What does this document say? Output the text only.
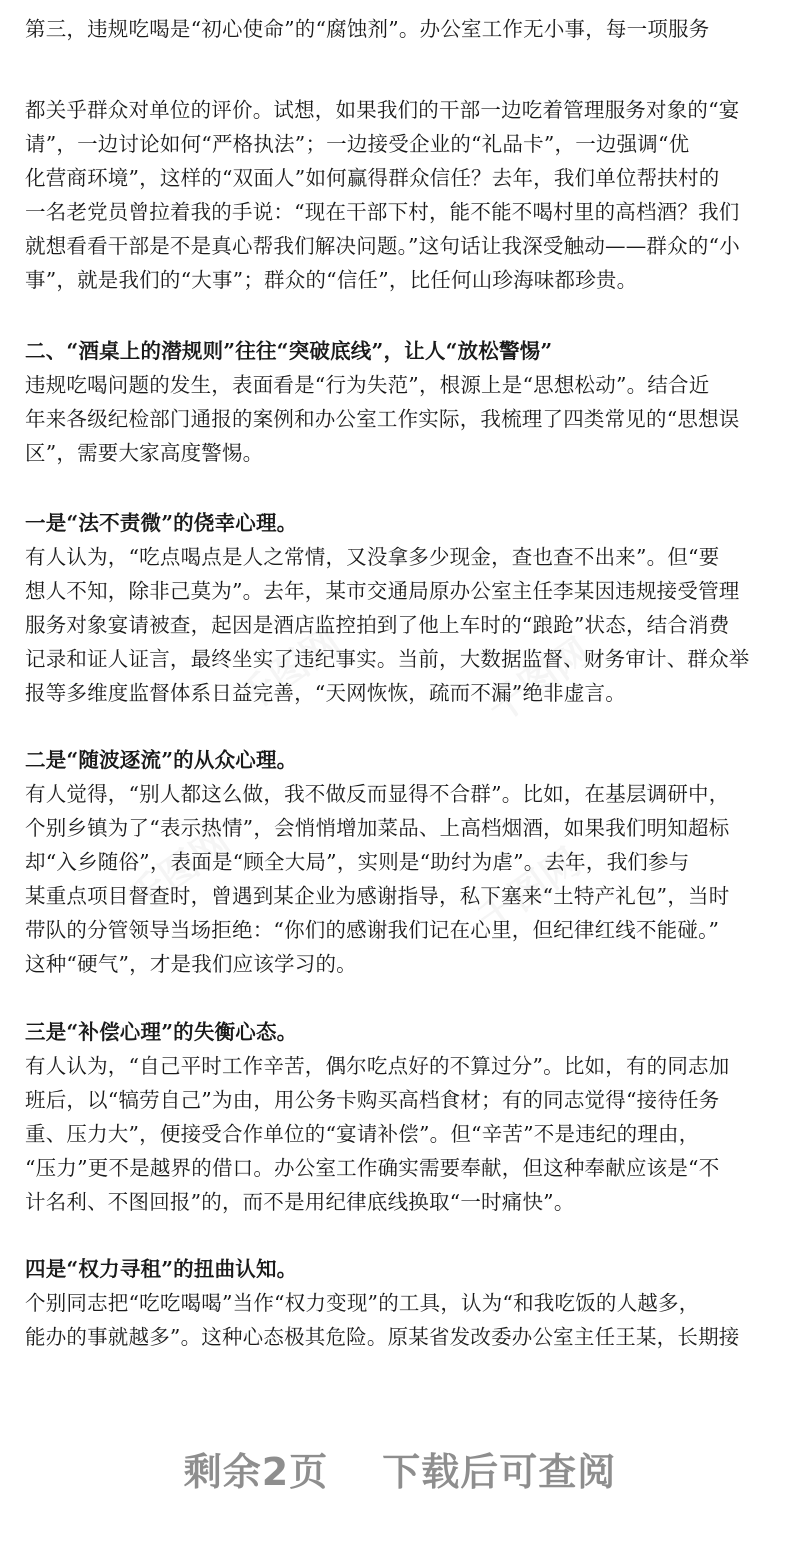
千图网	千图网
千图网	千图网
第三，违规吃喝是“初心使命”的“腐蚀剂”。办公室工作无小事，每一项服务
都关乎群众对单位的评价。试想，如果我们的干部一边吃着管理服务对象的“宴
请”，一边讨论如何“严格执法”；一边接受企业的“礼品卡”，一边强调“优
化营商环境”，这样的“双面人”如何赢得群众信任？去年，我们单位帮扶村的
一名老党员曾拉着我的手说：“现在干部下村，能不能不喝村里的高档酒？我们
就想看看干部是不是真心帮我们解决问题。”这句话让我深受触动——群众的“小
事”，就是我们的“大事”；群众的“信任”，比任何山珍海味都珍贵。
二、“酒桌上的潜规则”往往“突破底线”，让人“放松警惕”
违规吃喝问题的发生，表面看是“行为失范”，根源上是“思想松动”。结合近
年来各级纪检部门通报的案例和办公室工作实际，我梳理了四类常见的“思想误
区”，需要大家高度警惕。
一是“法不责微”的侥幸心理。
有人认为，“吃点喝点是人之常情，又没拿多少现金，查也查不出来”。但“要
想人不知，除非己莫为”。去年，某市交通局原办公室主任李某因违规接受管理
服务对象宴请被查，起因是酒店监控拍到了他上车时的“踉跄”状态，结合消费
记录和证人证言，最终坐实了违纪事实。当前，大数据监督、财务审计、群众举
报等多维度监督体系日益完善，“天网恢恢，疏而不漏”绝非虚言。
二是“随波逐流”的从众心理。
有人觉得，“别人都这么做，我不做反而显得不合群”。比如，在基层调研中，
个别乡镇为了“表示热情”，会悄悄增加菜品、上高档烟酒，如果我们明知超标
却“入乡随俗”，表面是“顾全大局”，实则是“助纣为虐”。去年，我们参与
某重点项目督查时，曾遇到某企业为感谢指导，私下塞来“土特产礼包”，当时
带队的分管领导当场拒绝：“你们的感谢我们记在心里，但纪律红线不能碰。”
这种“硬气”，才是我们应该学习的。
三是“补偿心理”的失衡心态。
有人认为，“自己平时工作辛苦，偶尔吃点好的不算过分”。比如，有的同志加
班后，以“犒劳自己”为由，用公务卡购买高档食材；有的同志觉得“接待任务
重、压力大”，便接受合作单位的“宴请补偿”。但“辛苦”不是违纪的理由，
“压力”更不是越界的借口。办公室工作确实需要奉献，但这种奉献应该是“不
计名利、不图回报”的，而不是用纪律底线换取“一时痛快”。
四是“权力寻租”的扭曲认知。
个别同志把“吃吃喝喝”当作“权力变现”的工具，认为“和我吃饭的人越多，
能办的事就越多”。这种心态极其危险。原某省发改委办公室主任王某，长期接
剩余2页 下载后可查阅
